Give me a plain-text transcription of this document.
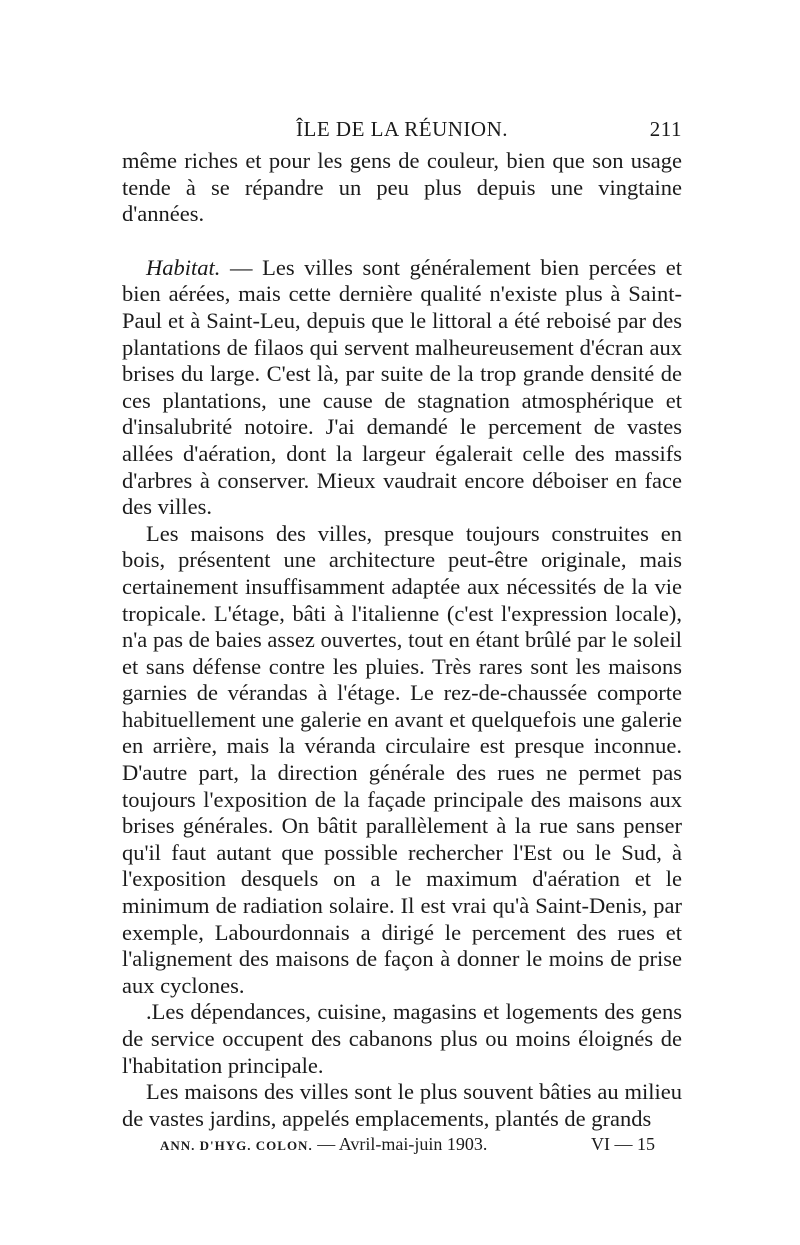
ÎLE DE LA RÉUNION.	211

même riches et pour les gens de couleur, bien que son usage tende à se répandre un peu plus depuis une vingtaine d'années.

Habitat. — Les villes sont généralement bien percées et bien aérées, mais cette dernière qualité n'existe plus à Saint-Paul et à Saint-Leu, depuis que le littoral a été reboisé par des plantations de filaos qui servent malheureusement d'écran aux brises du large. C'est là, par suite de la trop grande densité de ces plantations, une cause de stagnation atmosphérique et d'insalubrité notoire. J'ai demandé le percement de vastes allées d'aération, dont la largeur égalerait celle des massifs d'arbres à conserver. Mieux vaudrait encore déboiser en face des villes.

Les maisons des villes, presque toujours construites en bois, présentent une architecture peut-être originale, mais certainement insuffisamment adaptée aux nécessités de la vie tropicale. L'étage, bâti à l'italienne (c'est l'expression locale), n'a pas de baies assez ouvertes, tout en étant brûlé par le soleil et sans défense contre les pluies. Très rares sont les maisons garnies de vérandas à l'étage. Le rez-de-chaussée comporte habituellement une galerie en avant et quelquefois une galerie en arrière, mais la véranda circulaire est presque inconnue. D'autre part, la direction générale des rues ne permet pas toujours l'exposition de la façade principale des maisons aux brises générales. On bâtit parallèlement à la rue sans penser qu'il faut autant que possible rechercher l'Est ou le Sud, à l'exposition desquels on a le maximum d'aération et le minimum de radiation solaire. Il est vrai qu'à Saint-Denis, par exemple, Labourdonnais a dirigé le percement des rues et l'alignement des maisons de façon à donner le moins de prise aux cyclones.

.Les dépendances, cuisine, magasins et logements des gens de service occupent des cabanons plus ou moins éloignés de l'habitation principale.

Les maisons des villes sont le plus souvent bâties au milieu de vastes jardins, appelés emplacements, plantés de grands

ANN. D'HYG. COLON. — Avril-mai-juin 1903.	VI — 15
